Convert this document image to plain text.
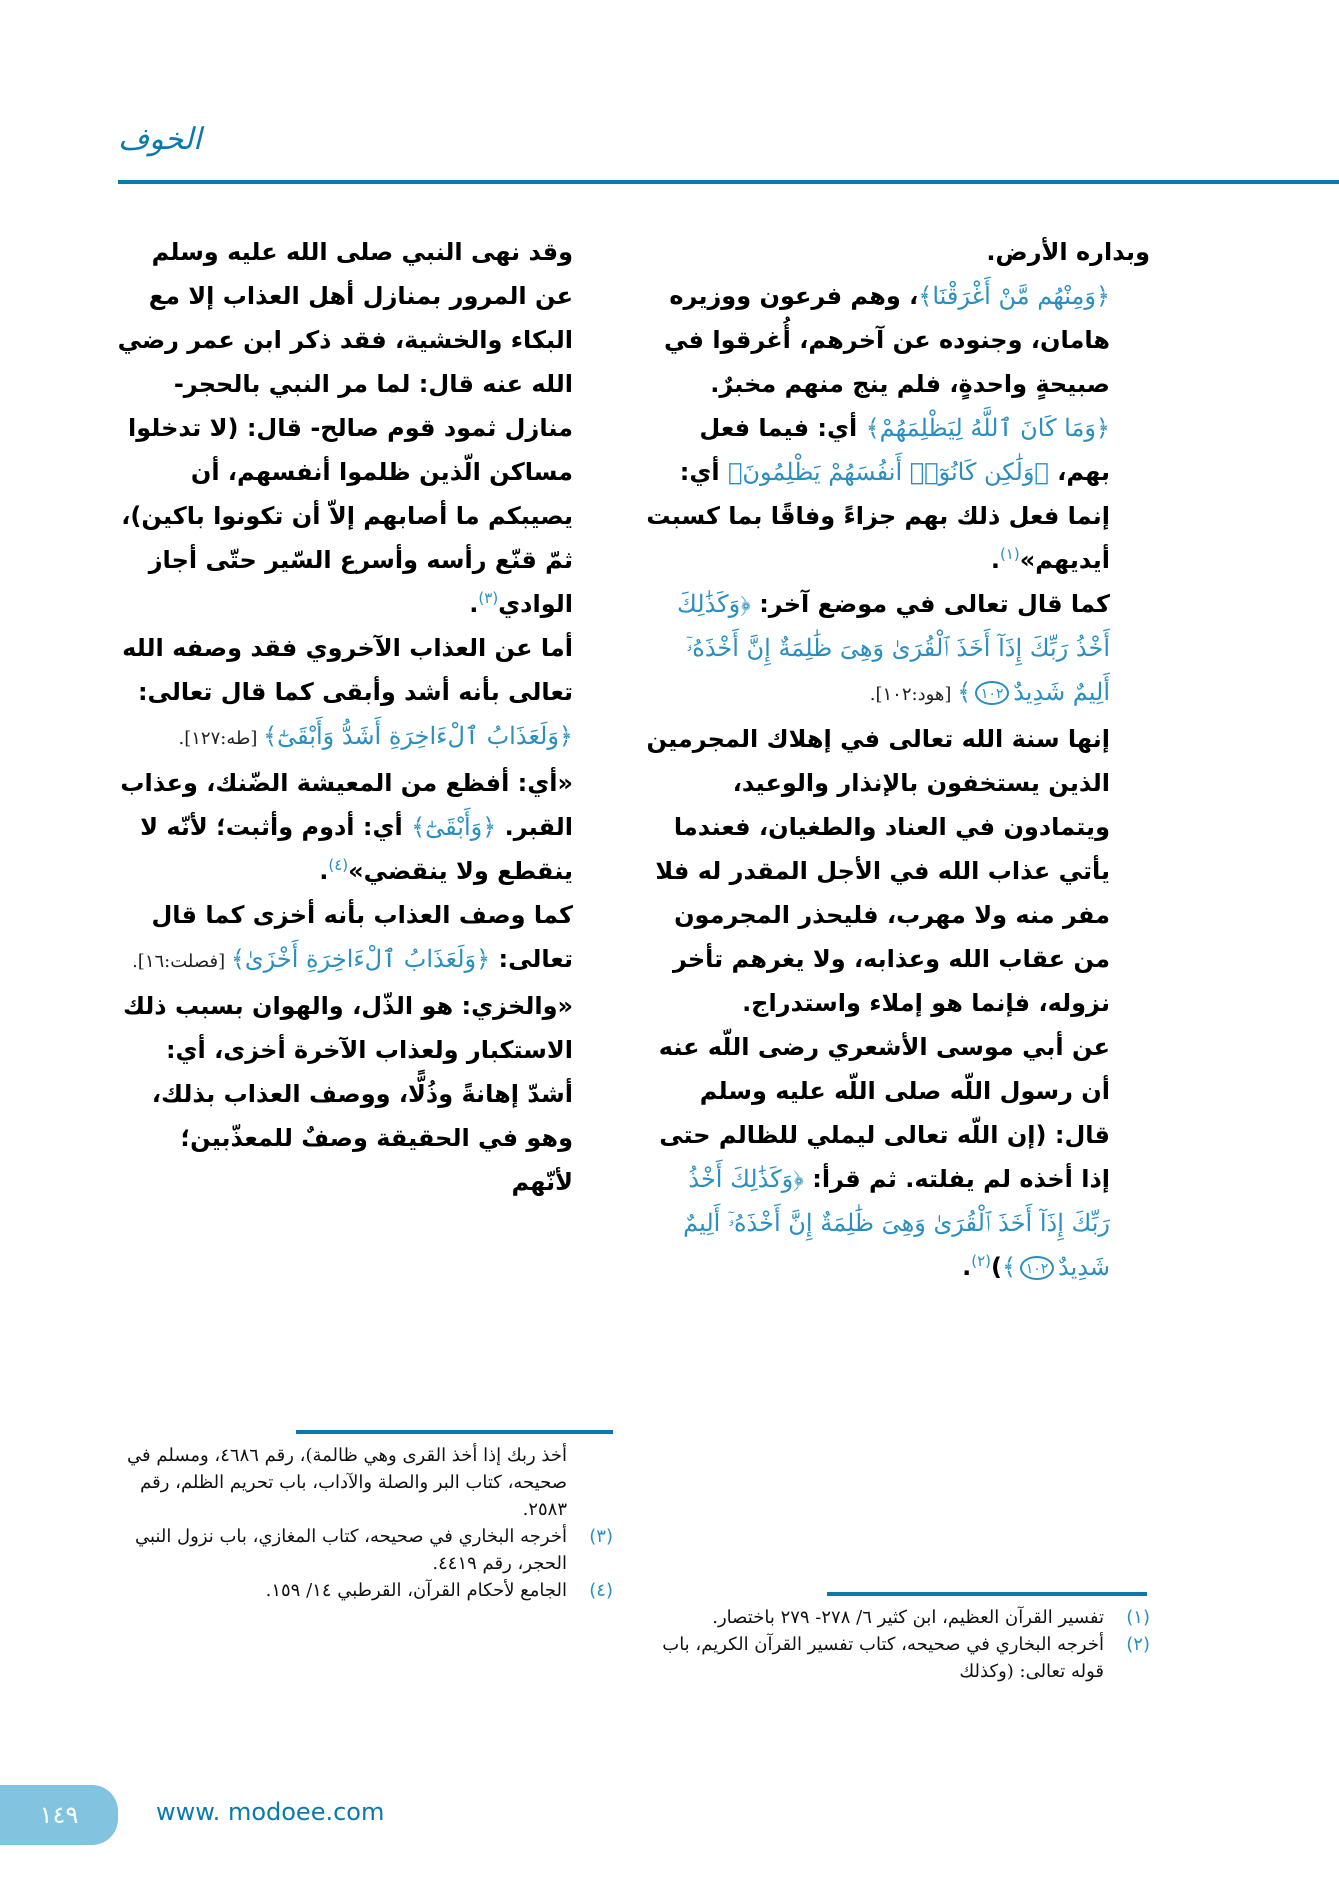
الخوف

وبداره الأرض.

﴿وَمِنْهُم مَّنْ أَغْرَقْنَا﴾، وهم فرعون ووزيره هامان، وجنوده عن آخرهم، أُغرقوا في صبيحةٍ واحدةٍ، فلم ينج منهم مخبرٌ.

﴿وَمَا كَانَ ٱللَّهُ لِيَظْلِمَهُمْ﴾ أي: فيما فعل بهم، ﴿وَلَٰكِن كَانُوٓا۟ أَنفُسَهُمْ يَظْلِمُونَ﴾ أي: إنما فعل ذلك بهم جزاءً وفاقًا بما كسبت أيديهم»$^{(١)}$.

كما قال تعالى في موضع آخر: ﴿وَكَذَٰلِكَ أَخْذُ رَبِّكَ إِذَآ أَخَذَ ٱلْقُرَىٰ وَهِىَ ظَٰلِمَةٌ إِنَّ أَخْذَهُۥٓ أَلِيمٌ شَدِيدٌ١٠٢﴾ [هود:١٠٢].

إنها سنة الله تعالى في إهلاك المجرمين الذين يستخفون بالإنذار والوعيد، ويتمادون في العناد والطغيان، فعندما يأتي عذاب الله في الأجل المقدر له فلا مفر منه ولا مهرب، فليحذر المجرمون من عقاب الله وعذابه، ولا يغرهم تأخر نزوله، فإنما هو إملاء واستدراج.

عن أبي موسى الأشعري رضى اللّه عنه أن رسول اللّه صلى اللّه عليه وسلم قال: (إن اللّه تعالى ليملي للظالم حتى إذا أخذه لم يفلته. ثم قرأ: ﴿وَكَذَٰلِكَ أَخْذُ رَبِّكَ إِذَآ أَخَذَ ٱلْقُرَىٰ وَهِىَ ظَٰلِمَةٌ إِنَّ أَخْذَهُۥٓ أَلِيمٌ شَدِيدٌ١٠٢﴾)$^{(٢)}$.

وقد نهى النبي صلى الله عليه وسلم عن المرور بمنازل أهل العذاب إلا مع البكاء والخشية، فقد ذكر ابن عمر رضي الله عنه قال: لما مر النبي بالحجر- منازل ثمود قوم صالح- قال: (لا تدخلوا مساكن الّذين ظلموا أنفسهم، أن يصيبكم ما أصابهم إلاّ أن تكونوا باكين)، ثمّ قنّع رأسه وأسرع السّير حتّى أجاز الوادي$^{(٣)}$.

أما عن العذاب الآخروي فقد وصفه الله تعالى بأنه أشد وأبقى كما قال تعالى: ﴿وَلَعَذَابُ ٱلْءَاخِرَةِ أَشَدُّ وَأَبْقَىٰٓ﴾ [طه:١٢٧].

«أي: أفظع من المعيشة الضّنك، وعذاب القبر. ﴿وَأَبْقَىٰٓ﴾ أي: أدوم وأثبت؛ لأنّه لا ينقطع ولا ينقضي»$^{(٤)}$.

كما وصف العذاب بأنه أخزى كما قال تعالى: ﴿وَلَعَذَابُ ٱلْءَاخِرَةِ أَخْزَىٰ﴾ [فصلت:١٦].

«والخزي: هو الذّل، والهوان بسبب ذلك الاستكبار ولعذاب الآخرة أخزى، أي: أشدّ إهانةً وذُلًّا، ووصف العذاب بذلك، وهو في الحقيقة وصفٌ للمعذّبين؛ لأنّهم

(١)
تفسير القرآن العظيم، ابن كثير ٦/ ٢٧٨- ٢٧٩ باختصار.
(٢)
أخرجه البخاري في صحيحه، كتاب تفسير القرآن الكريم، باب قوله تعالى: (وكذلك
أخذ ربك إذا أخذ القرى وهي ظالمة)، رقم ٤٦٨٦، ومسلم في صحيحه، كتاب البر والصلة والآداب، باب تحريم الظلم، رقم ٢٥٨٣.
(٣)
أخرجه البخاري في صحيحه، كتاب المغازي، باب نزول النبي الحجر، رقم ٤٤١٩.
(٤)
الجامع لأحكام القرآن، القرطبي ١٤/ ١٥٩.
١٤٩	www. modoee.com
